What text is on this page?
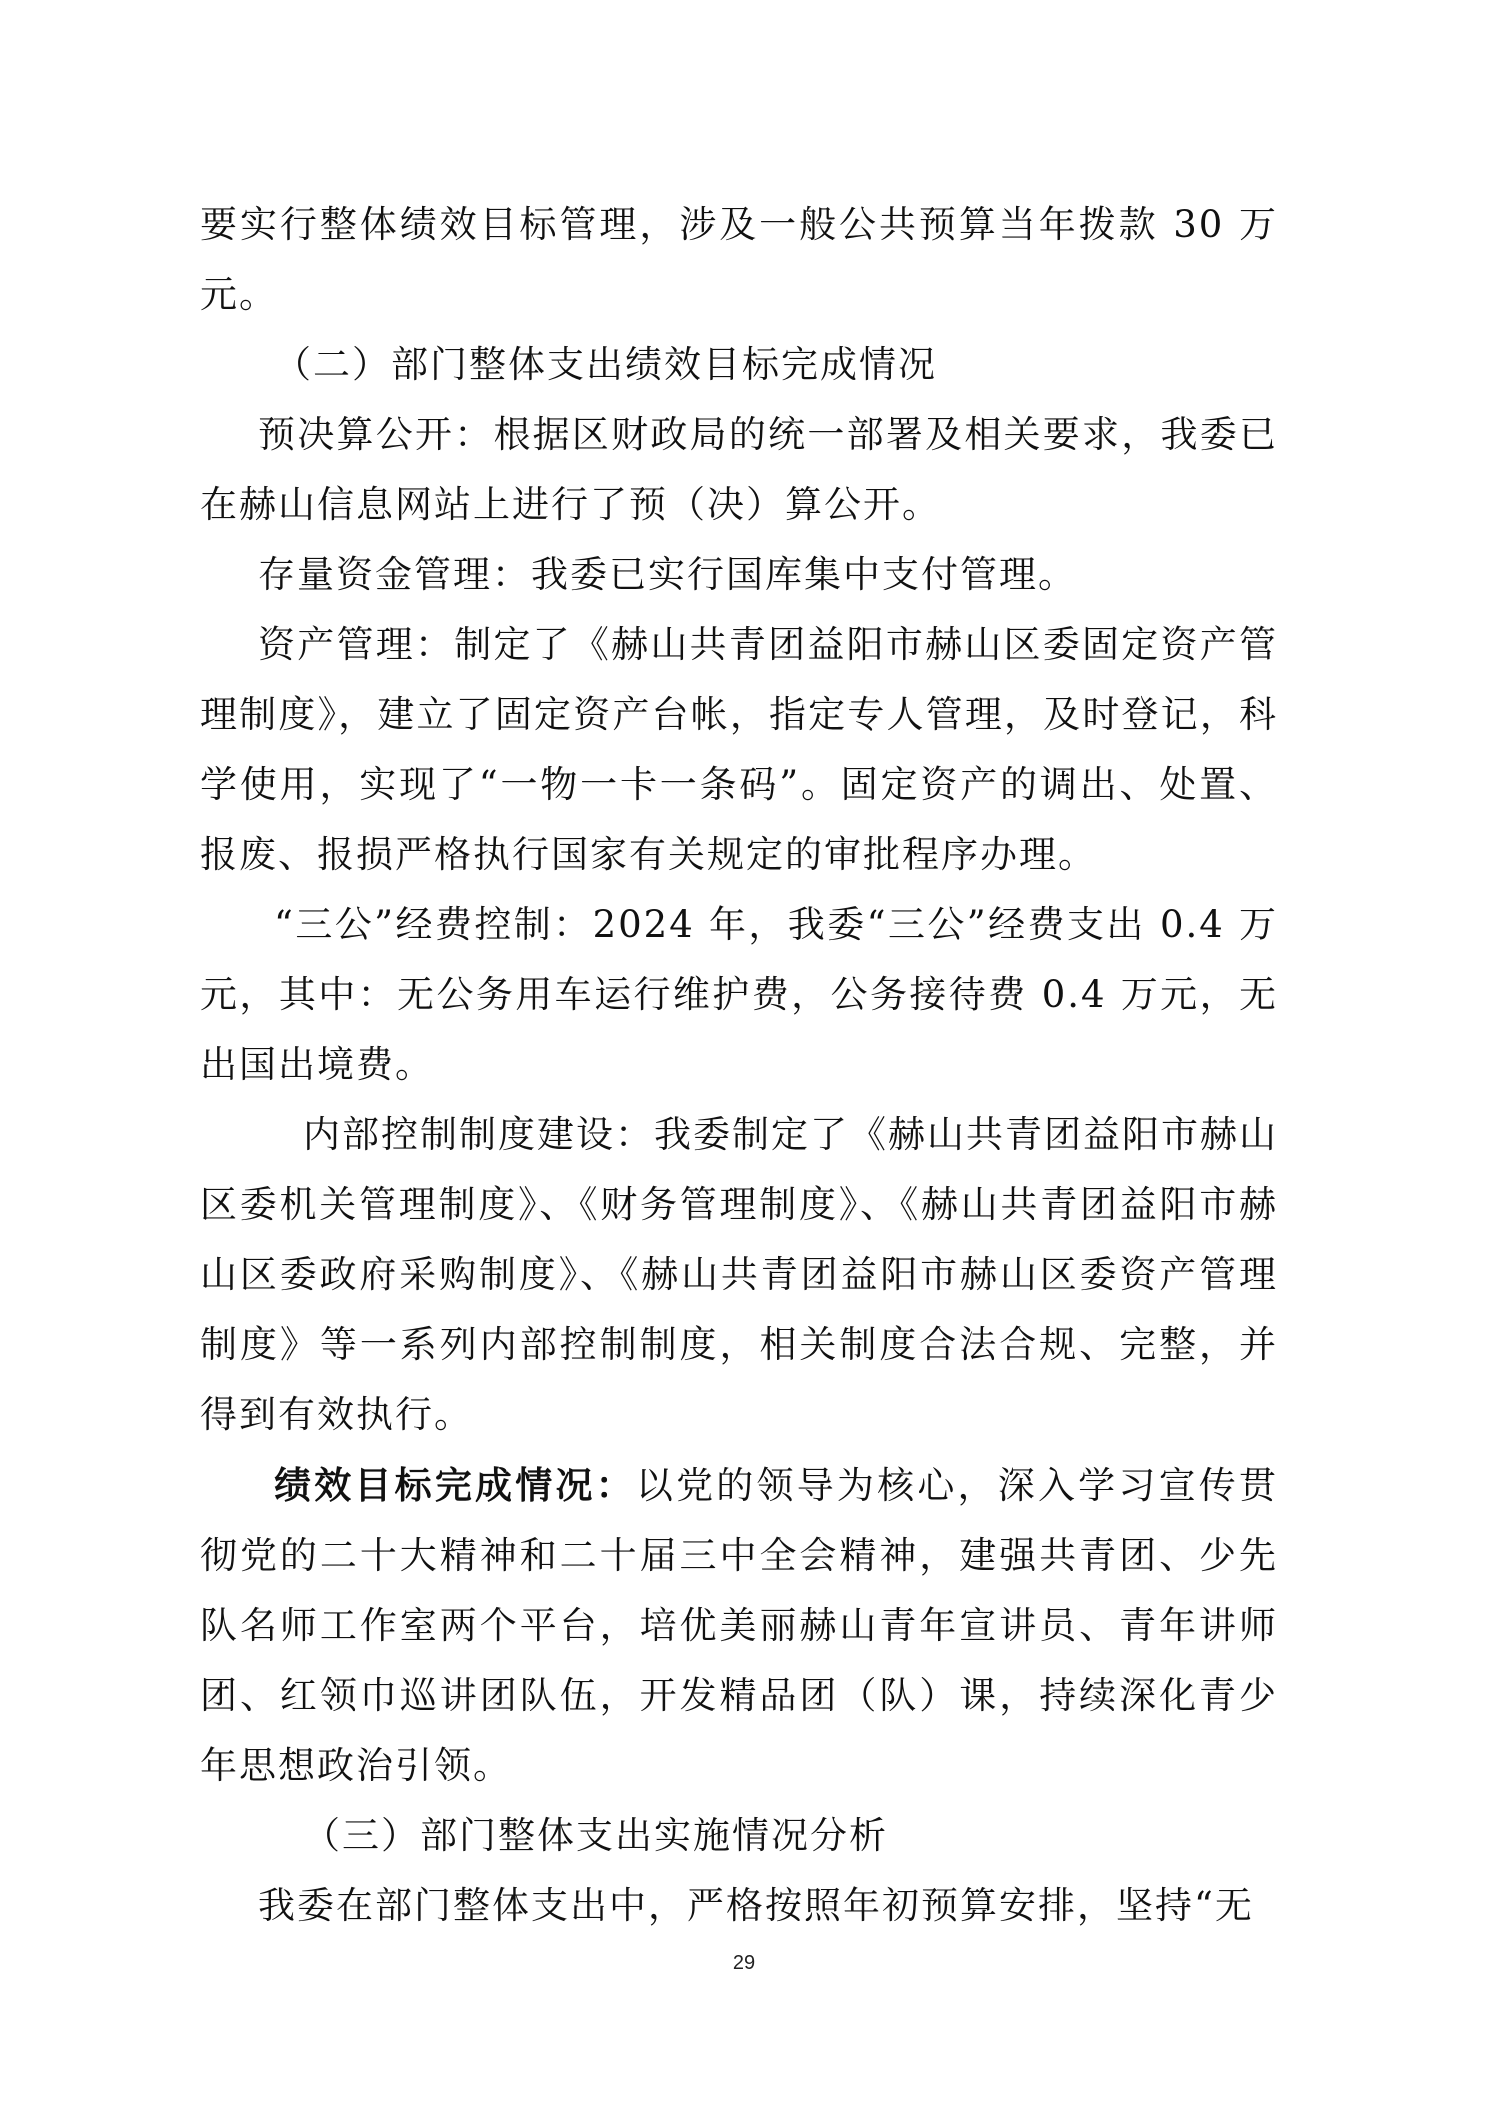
要实行整体绩效目标管理，涉及一般公共预算当年拨款 30 万元。

（二）部门整体支出绩效目标完成情况

预决算公开：根据区财政局的统一部署及相关要求，我委已在赫山信息网站上进行了预（决）算公开。

存量资金管理：我委已实行国库集中支付管理。

资产管理：制定了《赫山共青团益阳市赫山区委固定资产管理制度》，建立了固定资产台帐，指定专人管理，及时登记，科学使用，实现了“一物一卡一条码”。固定资产的调出、处置、报废、报损严格执行国家有关规定的审批程序办理。

“三公”经费控制：2024 年，我委“三公”经费支出 0.4 万元，其中：无公务用车运行维护费，公务接待费 0.4 万元，无出国出境费。

内部控制制度建设：我委制定了《赫山共青团益阳市赫山区委机关管理制度》、《财务管理制度》、《赫山共青团益阳市赫山区委政府采购制度》、《赫山共青团益阳市赫山区委资产管理制度》等一系列内部控制制度，相关制度合法合规、完整，并得到有效执行。

绩效目标完成情况：以党的领导为核心，深入学习宣传贯彻党的二十大精神和二十届三中全会精神，建强共青团、少先队名师工作室两个平台，培优美丽赫山青年宣讲员、青年讲师团、红领巾巡讲团队伍，开发精品团（队）课，持续深化青少年思想政治引领。

（三）部门整体支出实施情况分析

我委在部门整体支出中，严格按照年初预算安排，坚持“无

29
